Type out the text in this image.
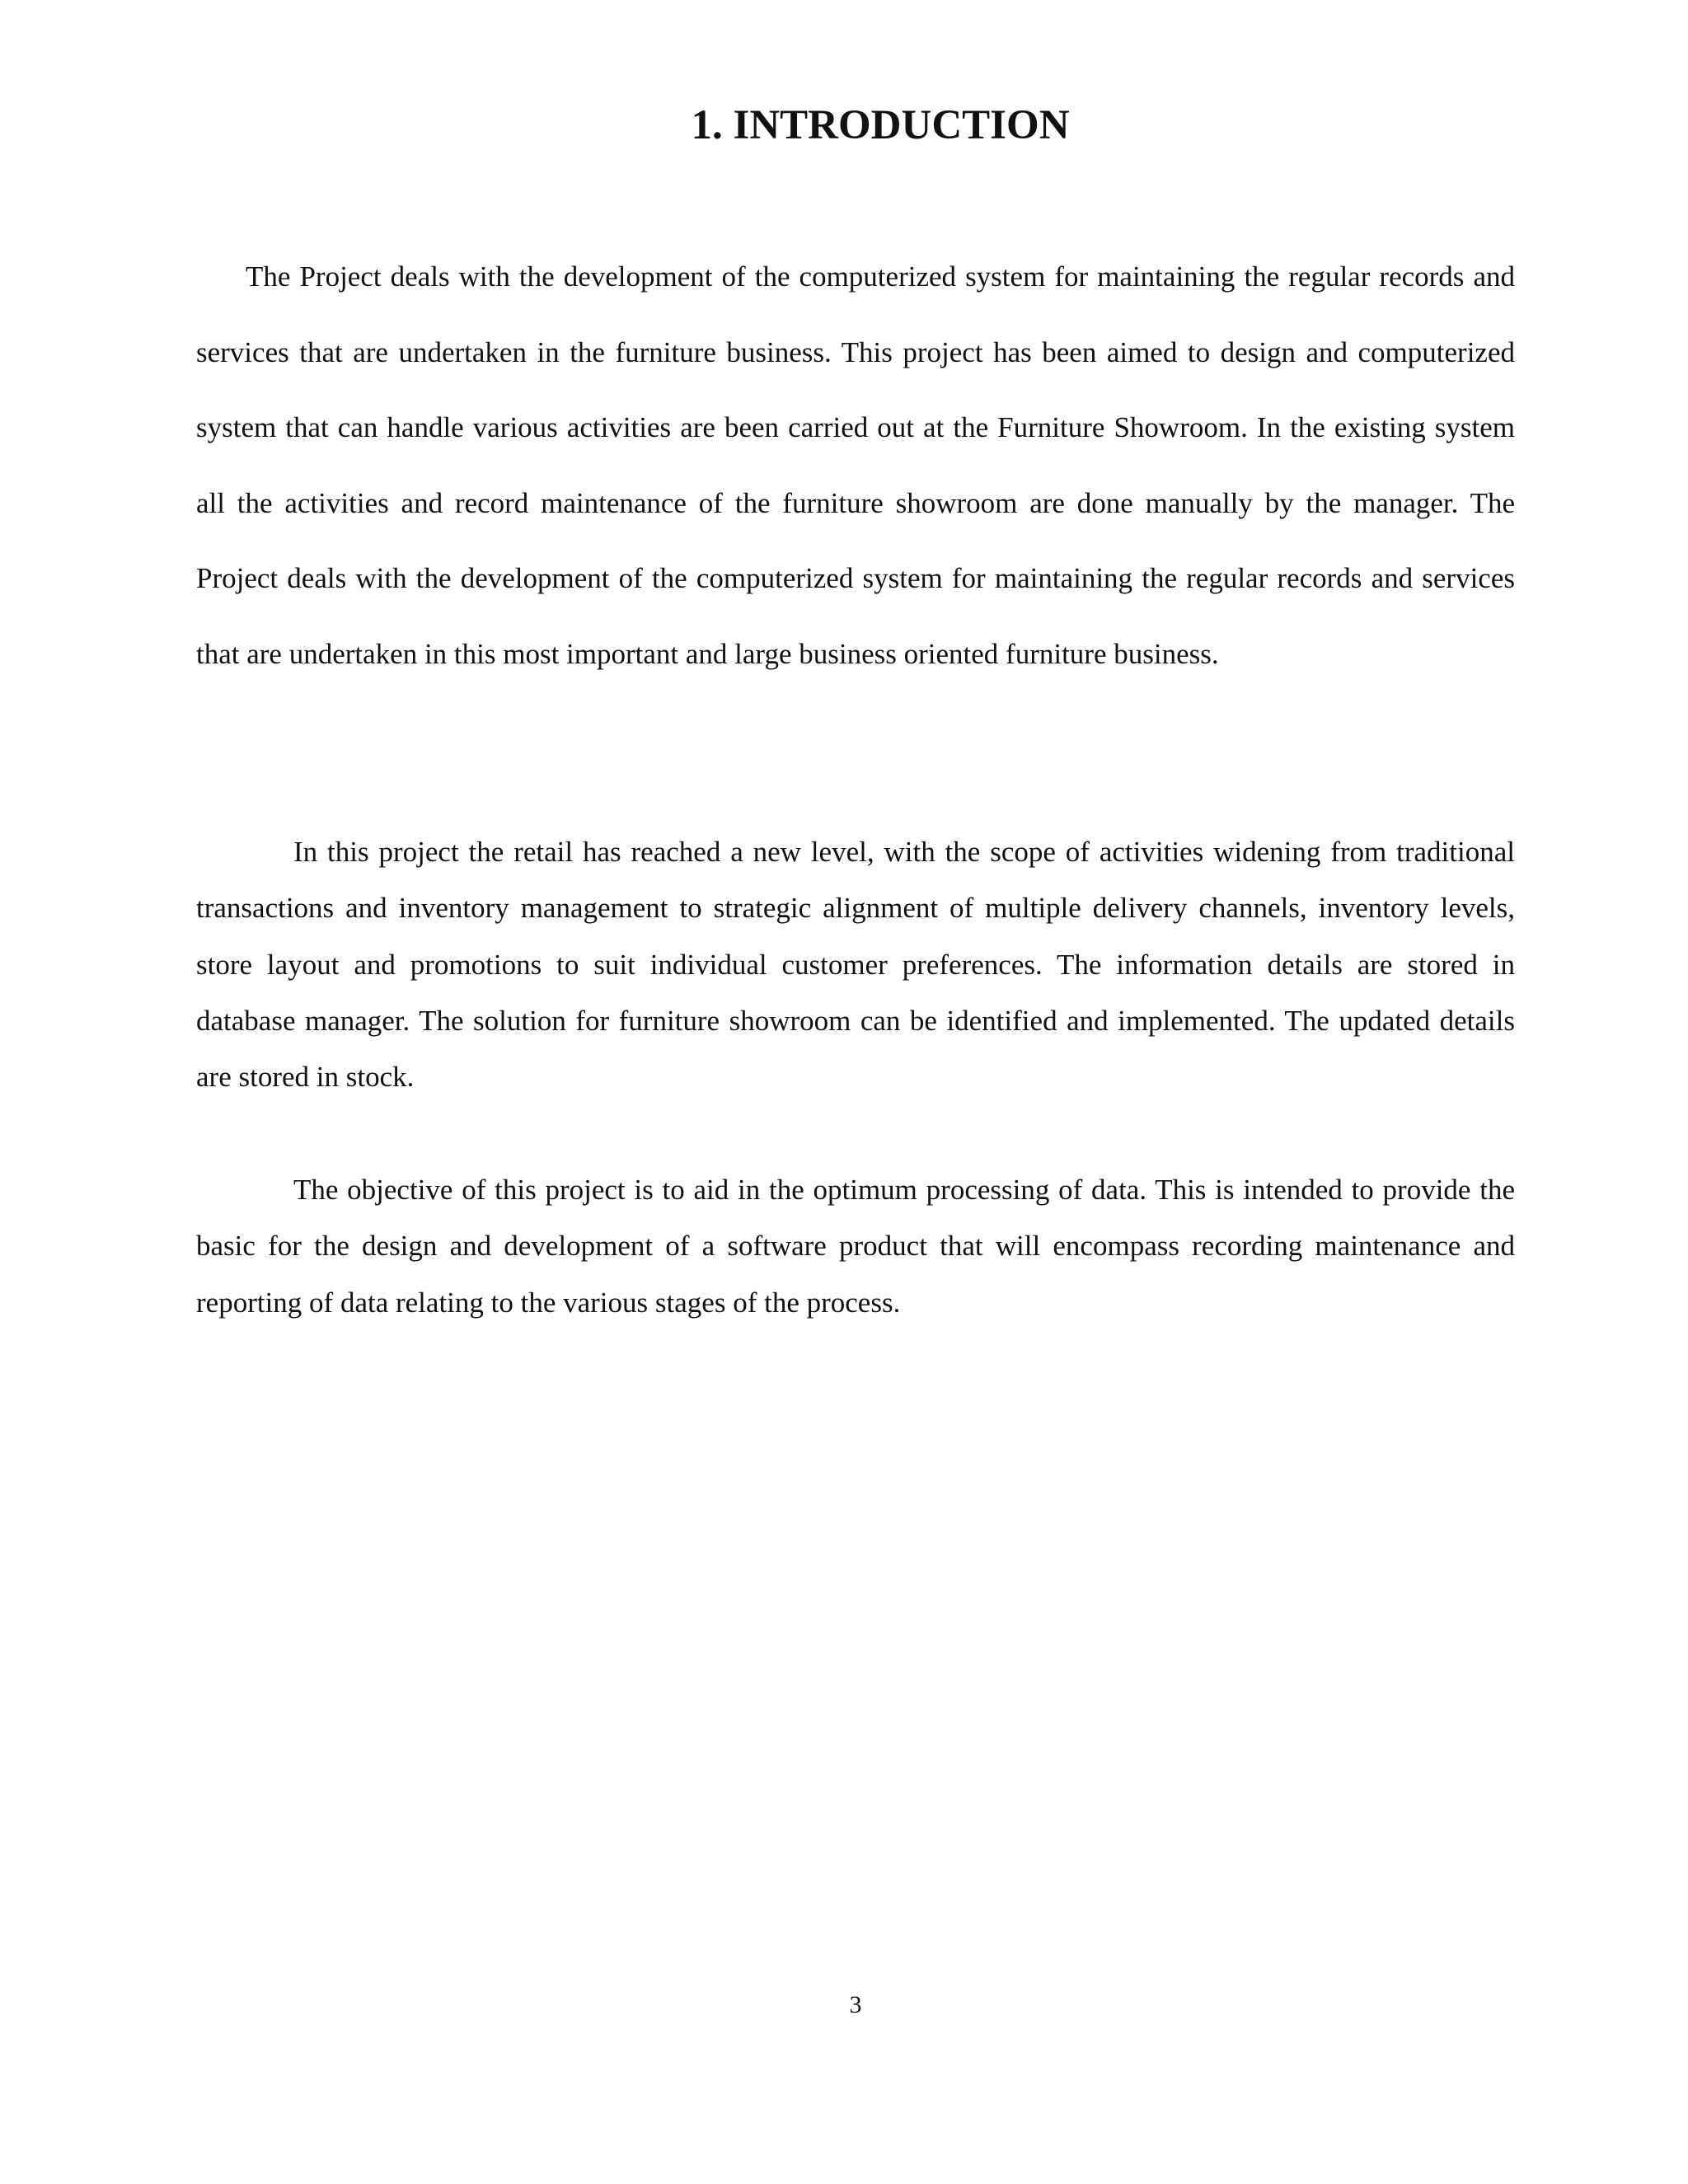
1. INTRODUCTION

The Project deals with the development of the computerized system for maintaining the regular records and services that are undertaken in the furniture business. This project has been aimed to design and computerized system that can handle various activities are been carried out at the Furniture Showroom. In the existing system all the activities and record maintenance of the furniture showroom are done manually by the manager. The Project deals with the development of the computerized system for maintaining the regular records and services that are undertaken in this most important and large business oriented furniture business.

In this project the retail has reached a new level, with the scope of activities widening from traditional transactions and inventory management to strategic alignment of multiple delivery channels, inventory levels, store layout and promotions to suit individual customer preferences. The information details are stored in database manager. The solution for furniture showroom can be identified and implemented. The updated details are stored in stock.

The objective of this project is to aid in the optimum processing of data. This is intended to provide the basic for the design and development of a software product that will encompass recording maintenance and reporting of data relating to the various stages of the process.

3
